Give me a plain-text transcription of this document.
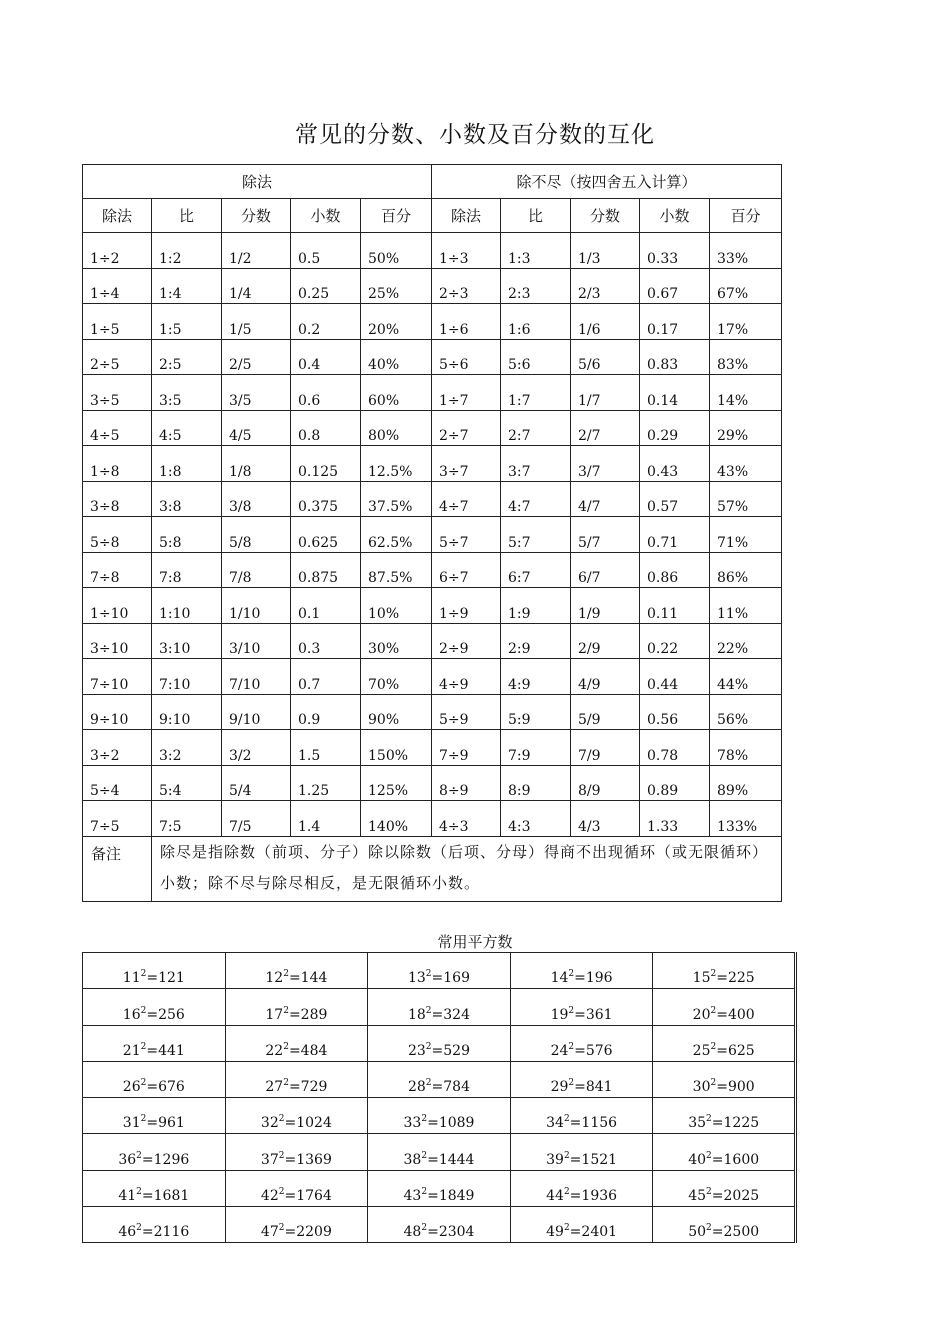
常见的分数、小数及百分数的互化
除法					除不尽（按四舍五入计算）				
除法	比	分数	小数	百分	除法	比	分数	小数	百分
1÷2	1:2	1/2	0.5	50%	1÷3	1:3	1/3	0.33	33%
1÷4	1:4	1/4	0.25	25%	2÷3	2:3	2/3	0.67	67%
1÷5	1:5	1/5	0.2	20%	1÷6	1:6	1/6	0.17	17%
2÷5	2:5	2/5	0.4	40%	5÷6	5:6	5/6	0.83	83%
3÷5	3:5	3/5	0.6	60%	1÷7	1:7	1/7	0.14	14%
4÷5	4:5	4/5	0.8	80%	2÷7	2:7	2/7	0.29	29%
1÷8	1:8	1/8	0.125	12.5%	3÷7	3:7	3/7	0.43	43%
3÷8	3:8	3/8	0.375	37.5%	4÷7	4:7	4/7	0.57	57%
5÷8	5:8	5/8	0.625	62.5%	5÷7	5:7	5/7	0.71	71%
7÷8	7:8	7/8	0.875	87.5%	6÷7	6:7	6/7	0.86	86%
1÷10	1:10	1/10	0.1	10%	1÷9	1:9	1/9	0.11	11%
3÷10	3:10	3/10	0.3	30%	2÷9	2:9	2/9	0.22	22%
7÷10	7:10	7/10	0.7	70%	4÷9	4:9	4/9	0.44	44%
9÷10	9:10	9/10	0.9	90%	5÷9	5:9	5/9	0.56	56%
3÷2	3:2	3/2	1.5	150%	7÷9	7:9	7/9	0.78	78%
5÷4	5:4	5/4	1.25	125%	8÷9	8:9	8/9	0.89	89%
7÷5	7:5	7/5	1.4	140%	4÷3	4:3	4/3	1.33	133%
备注	除尽是指除数（前项、分子）除以除数（后项、分母）得商不出现循环（或无限循环）小数；除不尽与除尽相反，是无限循环小数。								
常用平方数
$11^2=121$	$12^2=144$	$13^2=169$	$14^2=196$	$15^2=225$
$16^2=256$	$17^2=289$	$18^2=324$	$19^2=361$	$20^2=400$
$21^2=441$	$22^2=484$	$23^2=529$	$24^2=576$	$25^2=625$
$26^2=676$	$27^2=729$	$28^2=784$	$29^2=841$	$30^2=900$
$31^2=961$	$32^2=1024$	$33^2=1089$	$34^2=1156$	$35^2=1225$
$36^2=1296$	$37^2=1369$	$38^2=1444$	$39^2=1521$	$40^2=1600$
$41^2=1681$	$42^2=1764$	$43^2=1849$	$44^2=1936$	$45^2=2025$
$46^2=2116$	$47^2=2209$	$48^2=2304$	$49^2=2401$	$50^2=2500$
